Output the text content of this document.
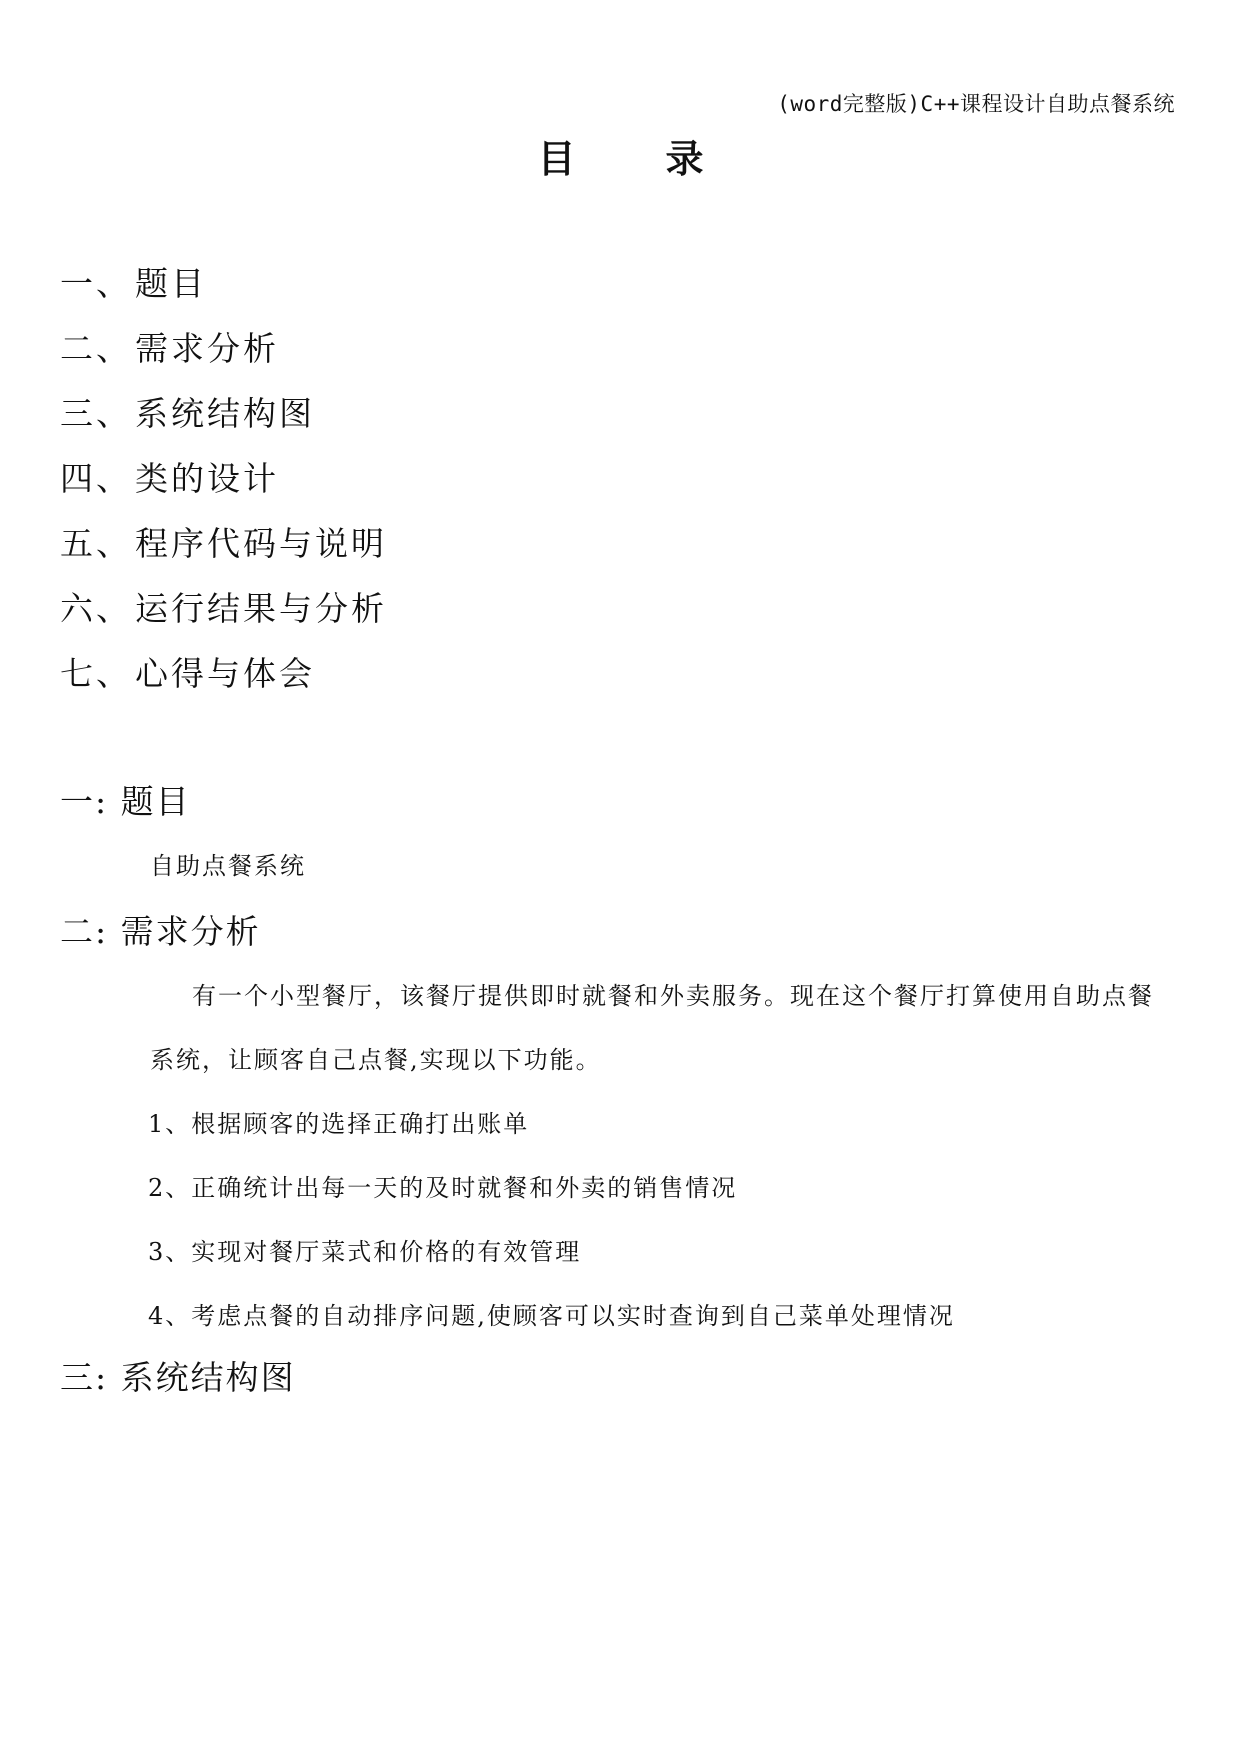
(word完整版)C++课程设计自助点餐系统
目录
一、题目
二、需求分析
三、系统结构图
四、类的设计
五、程序代码与说明
六、运行结果与分析
七、心得与体会
一: 题目
自助点餐系统
二: 需求分析
有一个小型餐厅，该餐厅提供即时就餐和外卖服务。现在这个餐厅打算使用自助点餐
系统，让顾客自己点餐,实现以下功能。
1、根据顾客的选择正确打出账单
2、正确统计出每一天的及时就餐和外卖的销售情况
3、实现对餐厅菜式和价格的有效管理
4、考虑点餐的自动排序问题,使顾客可以实时查询到自己菜单处理情况
三: 系统结构图
